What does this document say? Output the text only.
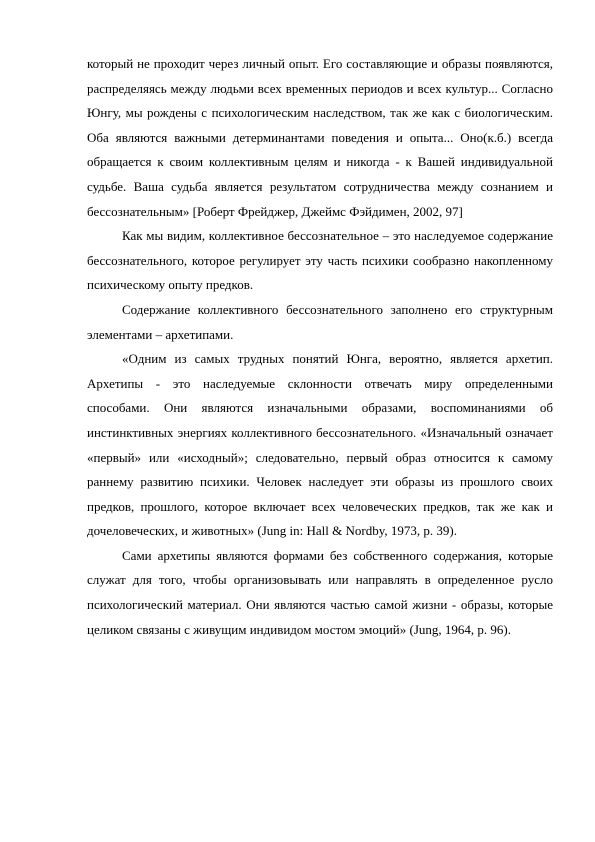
который не проходит через личный опыт. Его составляющие и образы появляются, распределяясь между людьми всех временных периодов и всех культур... Согласно Юнгу, мы рождены с психологическим наследством, так же как с биологическим. Оба являются важными детерминантами поведения и опыта... Оно(к.б.) всегда обращается к своим коллективным целям и никогда - к Вашей индивидуальной судьбе. Ваша судьба является результатом сотрудничества между сознанием и бессознательным» [Роберт Фрейджер, Джеймс Фэйдимен, 2002, 97]

Как мы видим, коллективное бессознательное – это наследуемое содержание бессознательного, которое регулирует эту часть психики сообразно накопленному психическому опыту предков.

Содержание коллективного бессознательного заполнено его структурным элементами – архетипами.

«Одним из самых трудных понятий Юнга, вероятно, является архетип. Архетипы - это наследуемые склонности отвечать миру определенными способами. Они являются изначальными образами, воспоминаниями об инстинктивных энергиях коллективного бессознательного. «Изначальный означает «первый» или «исходный»; следовательно, первый образ относится к самому раннему развитию психики. Человек наследует эти образы из прошлого своих предков, прошлого, которое включает всех человеческих предков, так же как и дочеловеческих, и животных» (Jung in: Hall & Nordby, 1973, p. 39).

Сами архетипы являются формами без собственного содержания, которые служат для того, чтобы организовывать или направлять в определенное русло психологический материал. Они являются частью самой жизни - образы, которые целиком связаны с живущим индивидом мостом эмоций» (Jung, 1964, p. 96).
